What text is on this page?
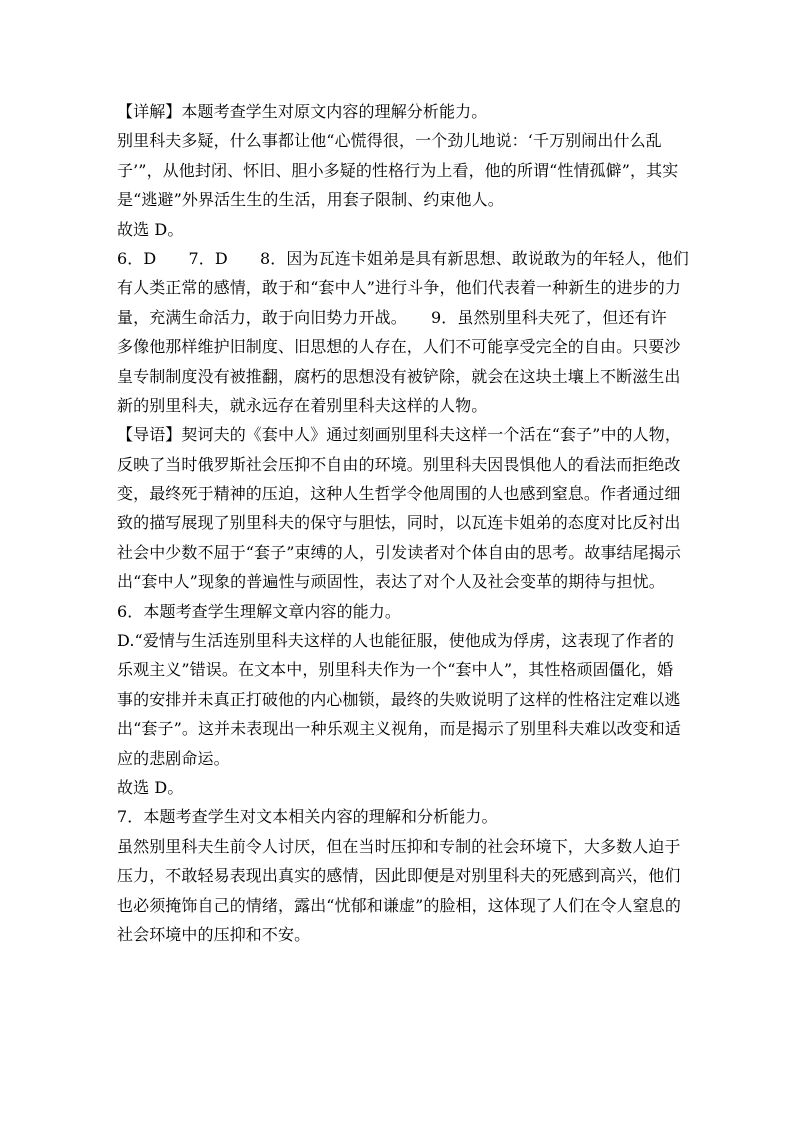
【详解】本题考查学生对原文内容的理解分析能力。
别里科夫多疑，什么事都让他“心慌得很，一个劲儿地说：‘千万别闹出什么乱
子’”，从他封闭、怀旧、胆小多疑的性格行为上看，他的所谓“性情孤僻”，其实
是“逃避”外界活生生的生活，用套子限制、约束他人。
故选 D。
6．D　　7．D　　8．因为瓦连卡姐弟是具有新思想、敢说敢为的年轻人，他们
有人类正常的感情，敢于和“套中人”进行斗争，他们代表着一种新生的进步的力
量，充满生命活力，敢于向旧势力开战。　　9．虽然别里科夫死了，但还有许
多像他那样维护旧制度、旧思想的人存在，人们不可能享受完全的自由。只要沙
皇专制制度没有被推翻，腐朽的思想没有被铲除，就会在这块土壤上不断滋生出
新的别里科夫，就永远存在着别里科夫这样的人物。
【导语】契诃夫的《套中人》通过刻画别里科夫这样一个活在“套子”中的人物，
反映了当时俄罗斯社会压抑不自由的环境。别里科夫因畏惧他人的看法而拒绝改
变，最终死于精神的压迫，这种人生哲学令他周围的人也感到窒息。作者通过细
致的描写展现了别里科夫的保守与胆怯，同时，以瓦连卡姐弟的态度对比反衬出
社会中少数不屈于“套子”束缚的人，引发读者对个体自由的思考。故事结尾揭示
出“套中人”现象的普遍性与顽固性，表达了对个人及社会变革的期待与担忧。
6．本题考查学生理解文章内容的能力。
D.“爱情与生活连别里科夫这样的人也能征服，使他成为俘虏，这表现了作者的
乐观主义”错误。在文本中，别里科夫作为一个“套中人”，其性格顽固僵化，婚
事的安排并未真正打破他的内心枷锁，最终的失败说明了这样的性格注定难以逃
出“套子”。这并未表现出一种乐观主义视角，而是揭示了别里科夫难以改变和适
应的悲剧命运。
故选 D。
7．本题考查学生对文本相关内容的理解和分析能力。
虽然别里科夫生前令人讨厌，但在当时压抑和专制的社会环境下，大多数人迫于
压力，不敢轻易表现出真实的感情，因此即便是对别里科夫的死感到高兴，他们
也必须掩饰自己的情绪，露出“忧郁和谦虚”的脸相，这体现了人们在令人窒息的
社会环境中的压抑和不安。
